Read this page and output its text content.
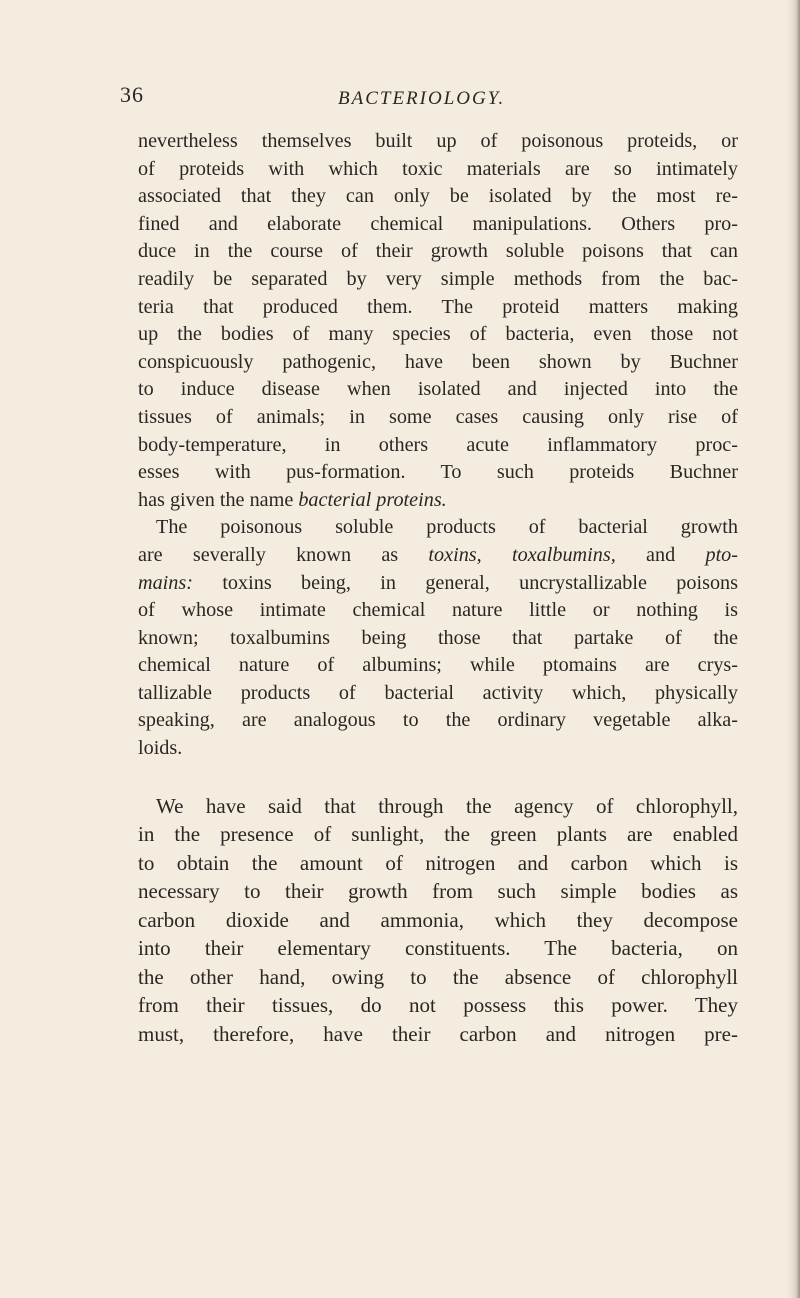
36	BACTERIOLOGY.
nevertheless themselves built up of poisonous proteids, or
of proteids with which toxic materials are so intimately
associated that they can only be isolated by the most re-
fined and elaborate chemical manipulations. Others pro-
duce in the course of their growth soluble poisons that can
readily be separated by very simple methods from the bac-
teria that produced them. The proteid matters making
up the bodies of many species of bacteria, even those not
conspicuously pathogenic, have been shown by Buchner
to induce disease when isolated and injected into the
tissues of animals; in some cases causing only rise of
body-temperature, in others acute inflammatory proc-
esses with pus-formation. To such proteids Buchner
has given the name bacterial proteins.
The poisonous soluble products of bacterial growth
are severally known as toxins, toxalbumins, and pto-
mains: toxins being, in general, uncrystallizable poisons
of whose intimate chemical nature little or nothing is
known; toxalbumins being those that partake of the
chemical nature of albumins; while ptomains are crys-
tallizable products of bacterial activity which, physically
speaking, are analogous to the ordinary vegetable alka-
loids.
We have said that through the agency of chlorophyll,
in the presence of sunlight, the green plants are enabled
to obtain the amount of nitrogen and carbon which is
necessary to their growth from such simple bodies as
carbon dioxide and ammonia, which they decompose
into their elementary constituents. The bacteria, on
the other hand, owing to the absence of chlorophyll
from their tissues, do not possess this power. They
must, therefore, have their carbon and nitrogen pre-
